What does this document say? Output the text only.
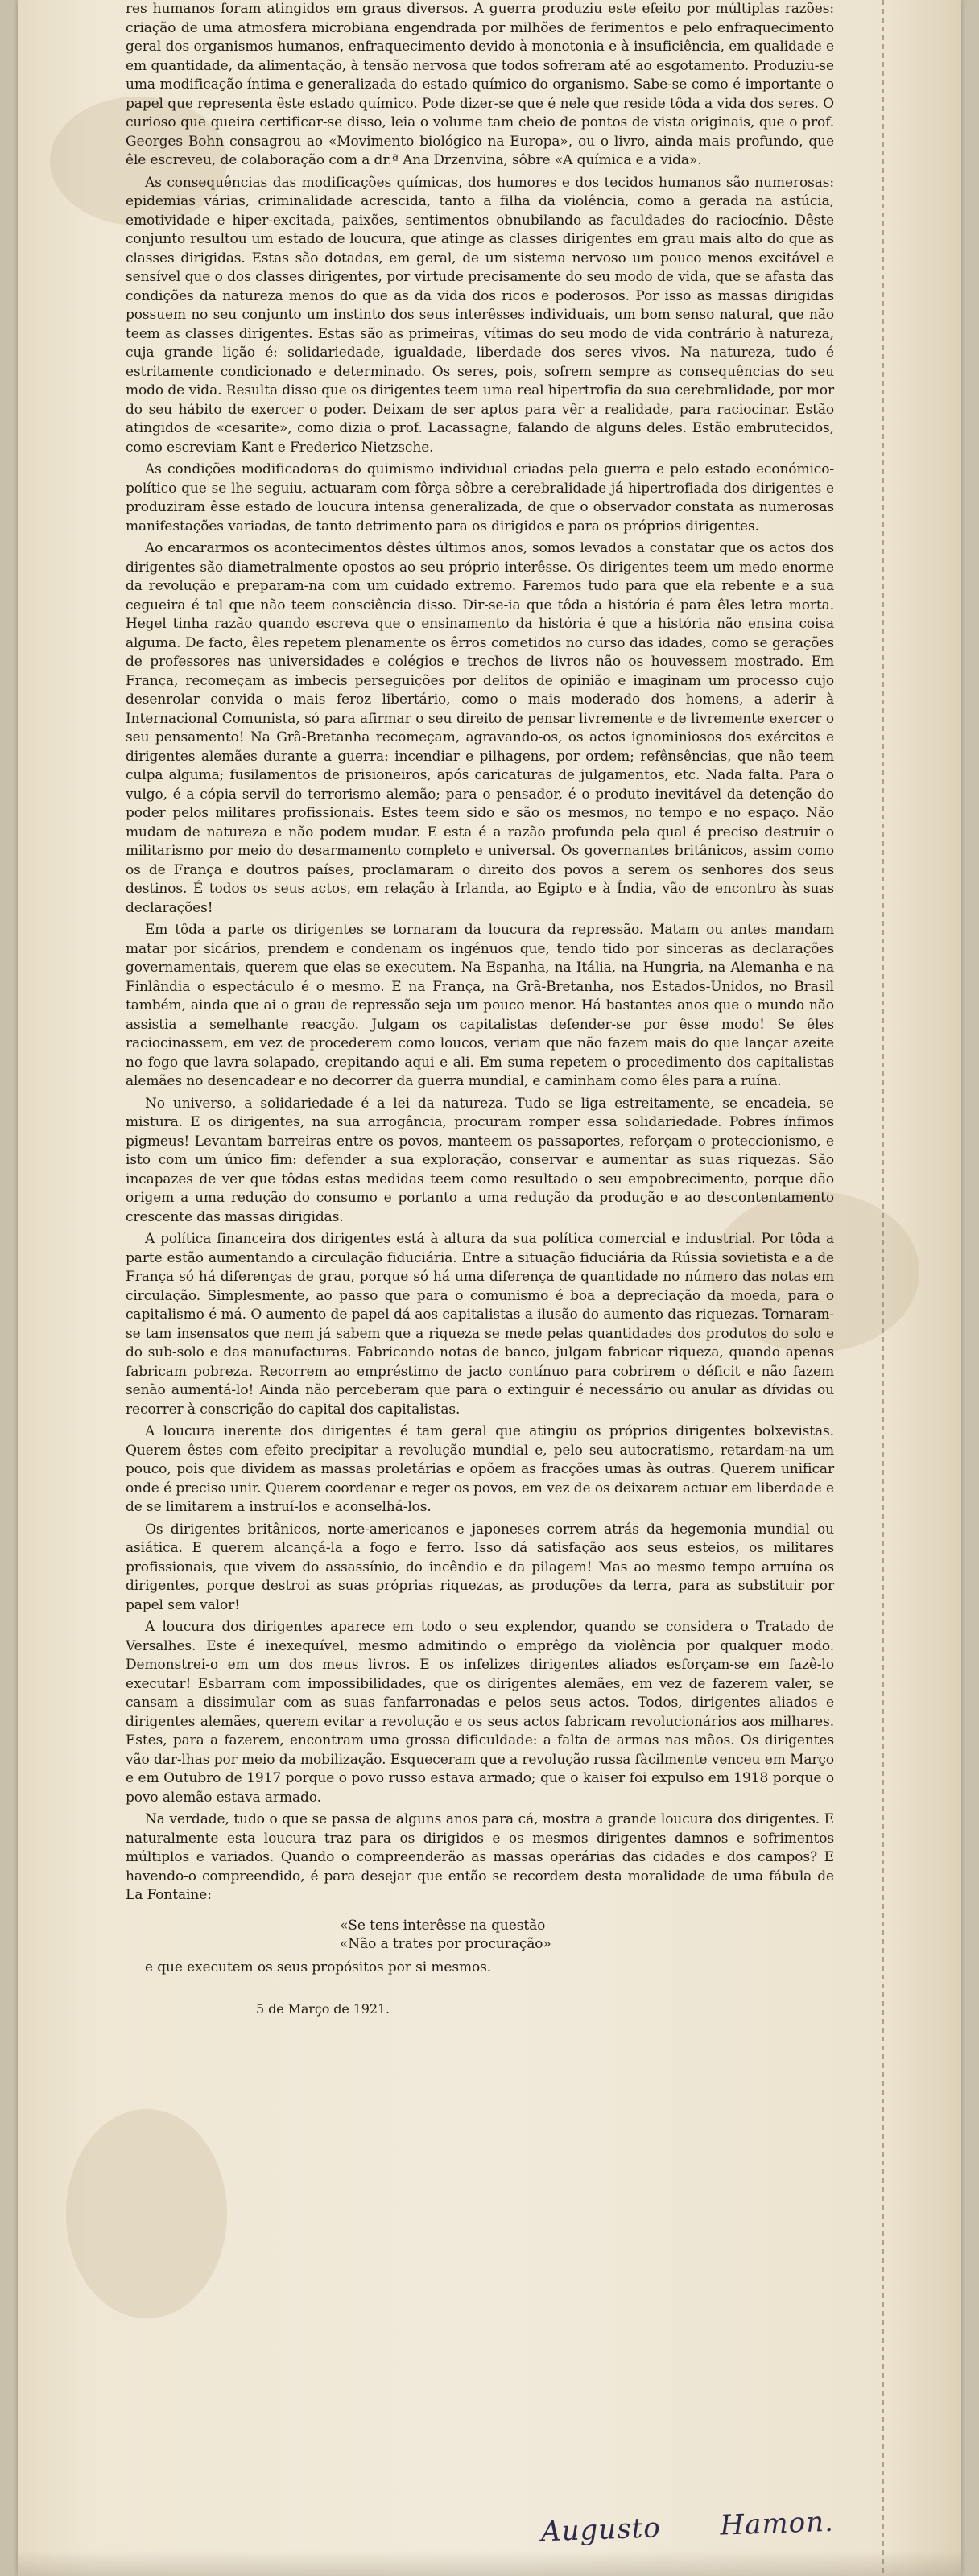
res humanos foram atingidos em graus diversos. A guerra produziu este efeito por múltiplas razões: criação de uma atmosfera microbiana engendrada por milhões de ferimentos e pelo enfraquecimento geral dos organismos humanos, enfraquecimento devido à monotonia e à insuficiência, em qualidade e em quantidade, da alimentação, à tensão nervosa que todos sofreram até ao esgotamento. Produziu-se uma modificação íntima e generalizada do estado químico do organismo. Sabe-se como é importante o papel que representa êste estado químico. Pode dizer-se que é nele que reside tôda a vida dos seres. O curioso que queira certificar-se disso, leia o volume tam cheio de pontos de vista originais, que o prof. Georges Bohn consagrou ao «Movimento biológico na Europa», ou o livro, ainda mais profundo, que êle escreveu, de colaboração com a dr.ª Ana Drzenvina, sôbre «A química e a vida».

As consequências das modificações químicas, dos humores e dos tecidos humanos são numerosas: epidemias várias, criminalidade acrescida, tanto a filha da violência, como a gerada na astúcia, emotividade e hiper-excitada, paixões, sentimentos obnubilando as faculdades do raciocínio. Dêste conjunto resultou um estado de loucura, que atinge as classes dirigentes em grau mais alto do que as classes dirigidas. Estas são dotadas, em geral, de um sistema nervoso um pouco menos excitável e sensível que o dos classes dirigentes, por virtude precisamente do seu modo de vida, que se afasta das condições da natureza menos do que as da vida dos ricos e poderosos. Por isso as massas dirigidas possuem no seu conjunto um instinto dos seus interêsses individuais, um bom senso natural, que não teem as classes dirigentes. Estas são as primeiras, vítimas do seu modo de vida contrário à natureza, cuja grande lição é: solidariedade, igualdade, liberdade dos seres vivos. Na natureza, tudo é estritamente condicionado e determinado. Os seres, pois, sofrem sempre as consequências do seu modo de vida. Resulta disso que os dirigentes teem uma real hipertrofia da sua cerebralidade, por mor do seu hábito de exercer o poder. Deixam de ser aptos para vêr a realidade, para raciocinar. Estão atingidos de «cesarite», como dizia o prof. Lacassagne, falando de alguns deles. Estão embrutecidos, como escreviam Kant e Frederico Nietzsche.

As condições modificadoras do quimismo individual criadas pela guerra e pelo estado económico-político que se lhe seguiu, actuaram com fôrça sôbre a cerebralidade já hipertrofiada dos dirigentes e produziram êsse estado de loucura intensa generalizada, de que o observador constata as numerosas manifestações variadas, de tanto detrimento para os dirigidos e para os próprios dirigentes.

Ao encararmos os acontecimentos dêstes últimos anos, somos levados a constatar que os actos dos dirigentes são diametralmente opostos ao seu próprio interêsse. Os dirigentes teem um medo enorme da revolução e preparam-na com um cuidado extremo. Faremos tudo para que ela rebente e a sua cegueira é tal que não teem consciência disso. Dir-se-ia que tôda a história é para êles letra morta. Hegel tinha razão quando escreva que o ensinamento da história é que a história não ensina coisa alguma. De facto, êles repetem plenamente os êrros cometidos no curso das idades, como se gerações de professores nas universidades e colégios e trechos de livros não os houvessem mostrado. Em França, recomeçam as imbecis perseguições por delitos de opinião e imaginam um processo cujo desenrolar convida o mais feroz libertário, como o mais moderado dos homens, a aderir à Internacional Comunista, só para afirmar o seu direito de pensar livremente e de livremente exercer o seu pensamento! Na Grã-Bretanha recomeçam, agravando-os, os actos ignominiosos dos exércitos e dirigentes alemães durante a guerra: incendiar e pilhagens, por ordem; refênsências, que não teem culpa alguma; fusilamentos de prisioneiros, após caricaturas de julgamentos, etc. Nada falta. Para o vulgo, é a cópia servil do terrorismo alemão; para o pensador, é o produto inevitável da detenção do poder pelos militares profissionais. Estes teem sido e são os mesmos, no tempo e no espaço. Não mudam de natureza e não podem mudar. E esta é a razão profunda pela qual é preciso destruir o militarismo por meio do desarmamento completo e universal. Os governantes britânicos, assim como os de França e doutros países, proclamaram o direito dos povos a serem os senhores dos seus destinos. É todos os seus actos, em relação à Irlanda, ao Egipto e à Índia, vão de encontro às suas declarações!

Em tôda a parte os dirigentes se tornaram da loucura da repressão. Matam ou antes mandam matar por sicários, prendem e condenam os ingénuos que, tendo tido por sinceras as declarações governamentais, querem que elas se executem. Na Espanha, na Itália, na Hungria, na Alemanha e na Finlândia o espectáculo é o mesmo. E na França, na Grã-Bretanha, nos Estados-Unidos, no Brasil também, ainda que ai o grau de repressão seja um pouco menor. Há bastantes anos que o mundo não assistia a semelhante reacção. Julgam os capitalistas defender-se por êsse modo! Se êles raciocinassem, em vez de procederem como loucos, veriam que não fazem mais do que lançar azeite no fogo que lavra solapado, crepitando aqui e ali. Em suma repetem o procedimento dos capitalistas alemães no desencadear e no decorrer da guerra mundial, e caminham como êles para a ruína.

No universo, a solidariedade é a lei da natureza. Tudo se liga estreitamente, se encadeia, se mistura. E os dirigentes, na sua arrogância, procuram romper essa solidariedade. Pobres ínfimos pigmeus! Levantam barreiras entre os povos, manteem os passaportes, reforçam o proteccionismo, e isto com um único fim: defender a sua exploração, conservar e aumentar as suas riquezas. São incapazes de ver que tôdas estas medidas teem como resultado o seu empobrecimento, porque dão origem a uma redução do consumo e portanto a uma redução da produção e ao descontentamento crescente das massas dirigidas.

A política financeira dos dirigentes está à altura da sua política comercial e industrial. Por tôda a parte estão aumentando a circulação fiduciária. Entre a situação fiduciária da Rússia sovietista e a de França só há diferenças de grau, porque só há uma diferença de quantidade no número das notas em circulação. Simplesmente, ao passo que para o comunismo é boa a depreciação da moeda, para o capitalismo é má. O aumento de papel dá aos capitalistas a ilusão do aumento das riquezas. Tornaram-se tam insensatos que nem já sabem que a riqueza se mede pelas quantidades dos produtos do solo e do sub-solo e das manufacturas. Fabricando notas de banco, julgam fabricar riqueza, quando apenas fabricam pobreza. Recorrem ao empréstimo de jacto contínuo para cobrirem o déficit e não fazem senão aumentá-lo! Ainda não perceberam que para o extinguir é necessário ou anular as dívidas ou recorrer à conscrição do capital dos capitalistas.

A loucura inerente dos dirigentes é tam geral que atingiu os próprios dirigentes bolxevistas. Querem êstes com efeito precipitar a revolução mundial e, pelo seu autocratismo, retardam-na um pouco, pois que dividem as massas proletárias e opõem as fracções umas às outras. Querem unificar onde é preciso unir. Querem coordenar e reger os povos, em vez de os deixarem actuar em liberdade e de se limitarem a instruí-los e aconselhá-los.

Os dirigentes britânicos, norte-americanos e japoneses correm atrás da hegemonia mundial ou asiática. E querem alcançá-la a fogo e ferro. Isso dá satisfação aos seus esteios, os militares profissionais, que vivem do assassínio, do incêndio e da pilagem! Mas ao mesmo tempo arruína os dirigentes, porque destroi as suas próprias riquezas, as produções da terra, para as substituir por papel sem valor!

A loucura dos dirigentes aparece em todo o seu explendor, quando se considera o Tratado de Versalhes. Este é inexequível, mesmo admitindo o emprêgo da violência por qualquer modo. Demonstrei-o em um dos meus livros. E os infelizes dirigentes aliados esforçam-se em fazê-lo executar! Esbarram com impossibilidades, que os dirigentes alemães, em vez de fazerem valer, se cansam a dissimular com as suas fanfarronadas e pelos seus actos. Todos, dirigentes aliados e dirigentes alemães, querem evitar a revolução e os seus actos fabricam revolucionários aos milhares. Estes, para a fazerem, encontram uma grossa dificuldade: a falta de armas nas mãos. Os dirigentes vão dar-lhas por meio da mobilização. Esqueceram que a revolução russa fàcilmente venceu em Março e em Outubro de 1917 porque o povo russo estava armado; que o kaiser foi expulso em 1918 porque o povo alemão estava armado.

Na verdade, tudo o que se passa de alguns anos para cá, mostra a grande loucura dos dirigentes. E naturalmente esta loucura traz para os dirigidos e os mesmos dirigentes damnos e sofrimentos múltiplos e variados. Quando o compreenderão as massas operárias das cidades e dos campos? E havendo-o compreendido, é para desejar que então se recordem desta moralidade de uma fábula de La Fontaine:

«Se tens interêsse na questão
«Não a trates por procuração»
e que executem os seus propósitos por si mesmos.
5 de Março de 1921.
Augusto Hamon.
